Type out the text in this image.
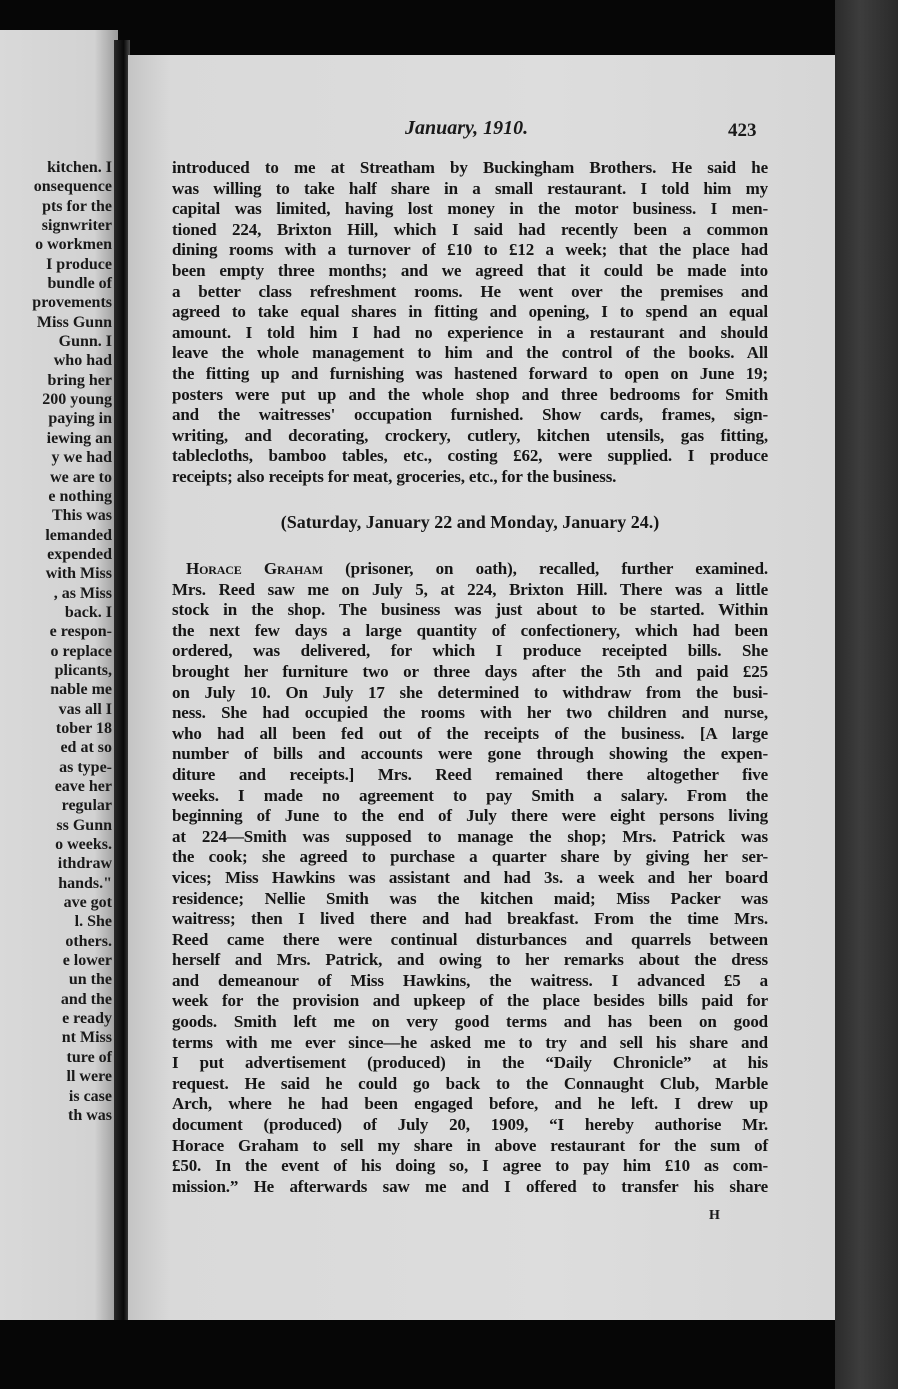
kitchen. I
onsequence
pts for the
signwriter
o workmen
I produce
bundle of
provements
Miss Gunn
Gunn. I
who had
bring her
200 young
paying in
iewing an
y we had
we are to
e nothing
This was
lemanded
expended
with Miss
, as Miss
back. I
e respon-
o replace
plicants,
nable me
vas all I
tober 18
ed at so
as type-
eave her
regular
ss Gunn
o weeks.
ithdraw
hands."
ave got
l. She
others.
e lower
un the
and the
e ready
nt Miss
ture of
ll were
is case
th was
January, 1910.	423
introduced to me at Streatham by Buckingham Brothers. He said he
was willing to take half share in a small restaurant. I told him my
capital was limited, having lost money in the motor business. I men-
tioned 224, Brixton Hill, which I said had recently been a common
dining rooms with a turnover of £10 to £12 a week; that the place had
been empty three months; and we agreed that it could be made into
a better class refreshment rooms. He went over the premises and
agreed to take equal shares in fitting and opening, I to spend an equal
amount. I told him I had no experience in a restaurant and should
leave the whole management to him and the control of the books. All
the fitting up and furnishing was hastened forward to open on June 19;
posters were put up and the whole shop and three bedrooms for Smith
and the waitresses' occupation furnished. Show cards, frames, sign-
writing, and decorating, crockery, cutlery, kitchen utensils, gas fitting,
tablecloths, bamboo tables, etc., costing £62, were supplied. I produce
receipts; also receipts for meat, groceries, etc., for the business.
(Saturday, January 22 and Monday, January 24.)
Horace Graham (prisoner, on oath), recalled, further examined.
Mrs. Reed saw me on July 5, at 224, Brixton Hill. There was a little
stock in the shop. The business was just about to be started. Within
the next few days a large quantity of confectionery, which had been
ordered, was delivered, for which I produce receipted bills. She
brought her furniture two or three days after the 5th and paid £25
on July 10. On July 17 she determined to withdraw from the busi-
ness. She had occupied the rooms with her two children and nurse,
who had all been fed out of the receipts of the business. [A large
number of bills and accounts were gone through showing the expen-
diture and receipts.] Mrs. Reed remained there altogether five
weeks. I made no agreement to pay Smith a salary. From the
beginning of June to the end of July there were eight persons living
at 224—Smith was supposed to manage the shop; Mrs. Patrick was
the cook; she agreed to purchase a quarter share by giving her ser-
vices; Miss Hawkins was assistant and had 3s. a week and her board
residence; Nellie Smith was the kitchen maid; Miss Packer was
waitress; then I lived there and had breakfast. From the time Mrs.
Reed came there were continual disturbances and quarrels between
herself and Mrs. Patrick, and owing to her remarks about the dress
and demeanour of Miss Hawkins, the waitress. I advanced £5 a
week for the provision and upkeep of the place besides bills paid for
goods. Smith left me on very good terms and has been on good
terms with me ever since—he asked me to try and sell his share and
I put advertisement (produced) in the “Daily Chronicle” at his
request. He said he could go back to the Connaught Club, Marble
Arch, where he had been engaged before, and he left. I drew up
document (produced) of July 20, 1909, “I hereby authorise Mr.
Horace Graham to sell my share in above restaurant for the sum of
£50. In the event of his doing so, I agree to pay him £10 as com-
mission.” He afterwards saw me and I offered to transfer his share
H
